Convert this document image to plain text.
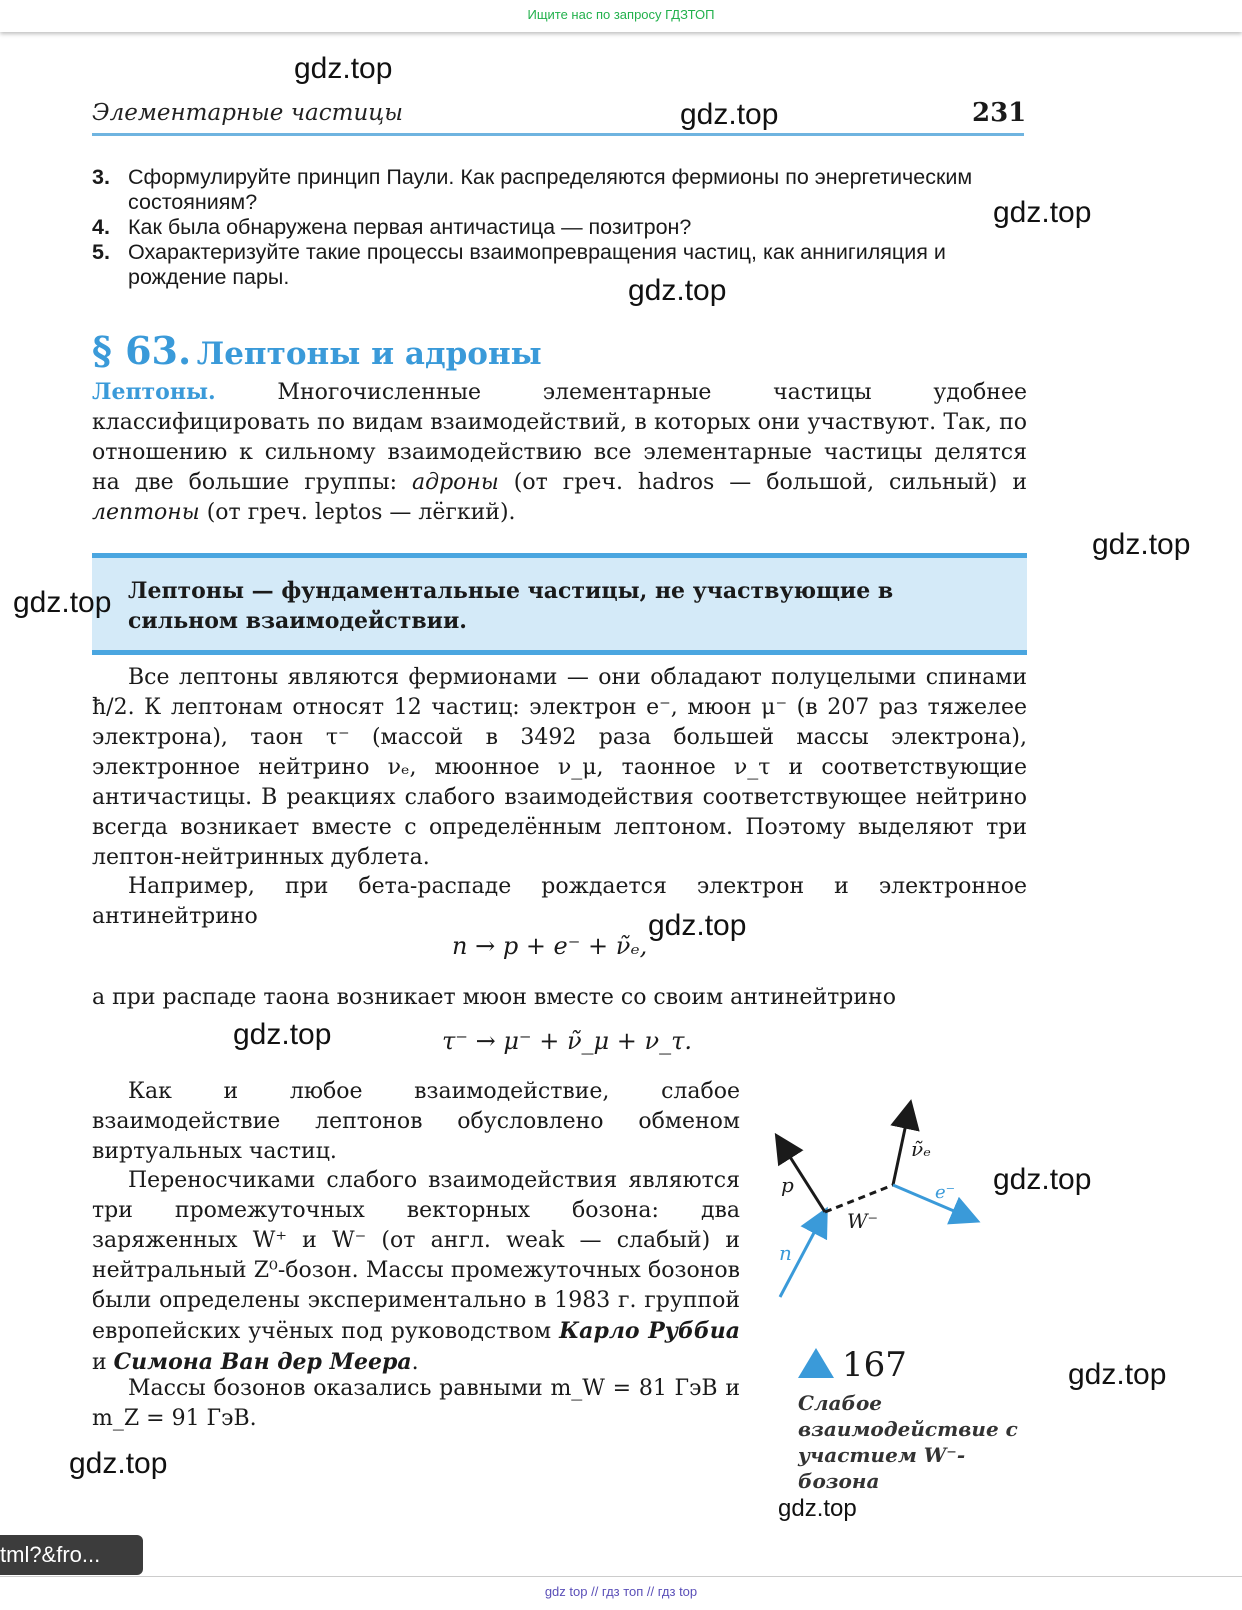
Ищите нас по запросу ГДЗТОП
Элементарные частицы	231
3. Сформулируйте принцип Паули. Как распределяются фермионы по энергетическим состояниям?
4. Как была обнаружена первая античастица — позитрон?
5. Охарактеризуйте такие процессы взаимопревращения частиц, как аннигиляция и рождение пары.
§ 63. Лептоны и адроны
Лептоны.	Многочисленные элементарные частицы удобнее классифицировать по видам взаимодействий, в которых они участвуют. Так, по отношению к сильному взаимодействию все элементарные частицы делятся на две большие группы: адроны (от греч. hadros — большой, сильный) и лептоны (от греч. leptos — лёгкий).
Лептоны — фундаментальные частицы, не участвующие в сильном взаимодействии.
Все лептоны являются фермионами — они обладают полуцелыми спинами ħ/2. К лептонам относят 12 частиц: электрон e⁻, мюон μ⁻ (в 207 раз тяжелее электрона), таон τ⁻ (массой в 3492 раза большей массы электрона), электронное нейтрино νₑ, мюонное ν_μ, таонное ν_τ и соответствующие античастицы. В реакциях слабого взаимодействия соответствующее нейтрино всегда возникает вместе с определённым лептоном. Поэтому выделяют три лептон-нейтринных дублета.
Например, при бета-распаде рождается электрон и электронное антинейтрино
n → p + e⁻ + ν̃ₑ,
а при распаде таона возникает мюон вместе со своим антинейтрино
τ⁻ → μ⁻ + ν̃_μ + ν_τ.
Как и любое взаимодействие, слабое взаимодействие лептонов обусловлено обменом виртуальных частиц.
Переносчиками слабого взаимодействия являются три промежуточных векторных бозона: два заряженных W⁺ и W⁻ (от англ. weak — слабый) и нейтральный Z⁰-бозон. Массы промежуточных бозонов были определены экспериментально в 1983 г. группой европейских учёных под руководством Карло Руббиа и Симона Ван дер Меера.
Массы бозонов оказались равными m_W = 81 ГэВ и m_Z = 91 ГэВ.
p
n
W⁻
ν̃ₑ
e⁻
167
Слабое взаимодействие с участием W⁻-бозона
gdz.top
gdz.top
gdz.top
gdz.top
gdz.top
gdz.top
gdz.top
gdz.top
gdz.top
gdz.top
gdz.top
gdz.top
tml?&fro...
gdz top // гдз топ // гдз top
